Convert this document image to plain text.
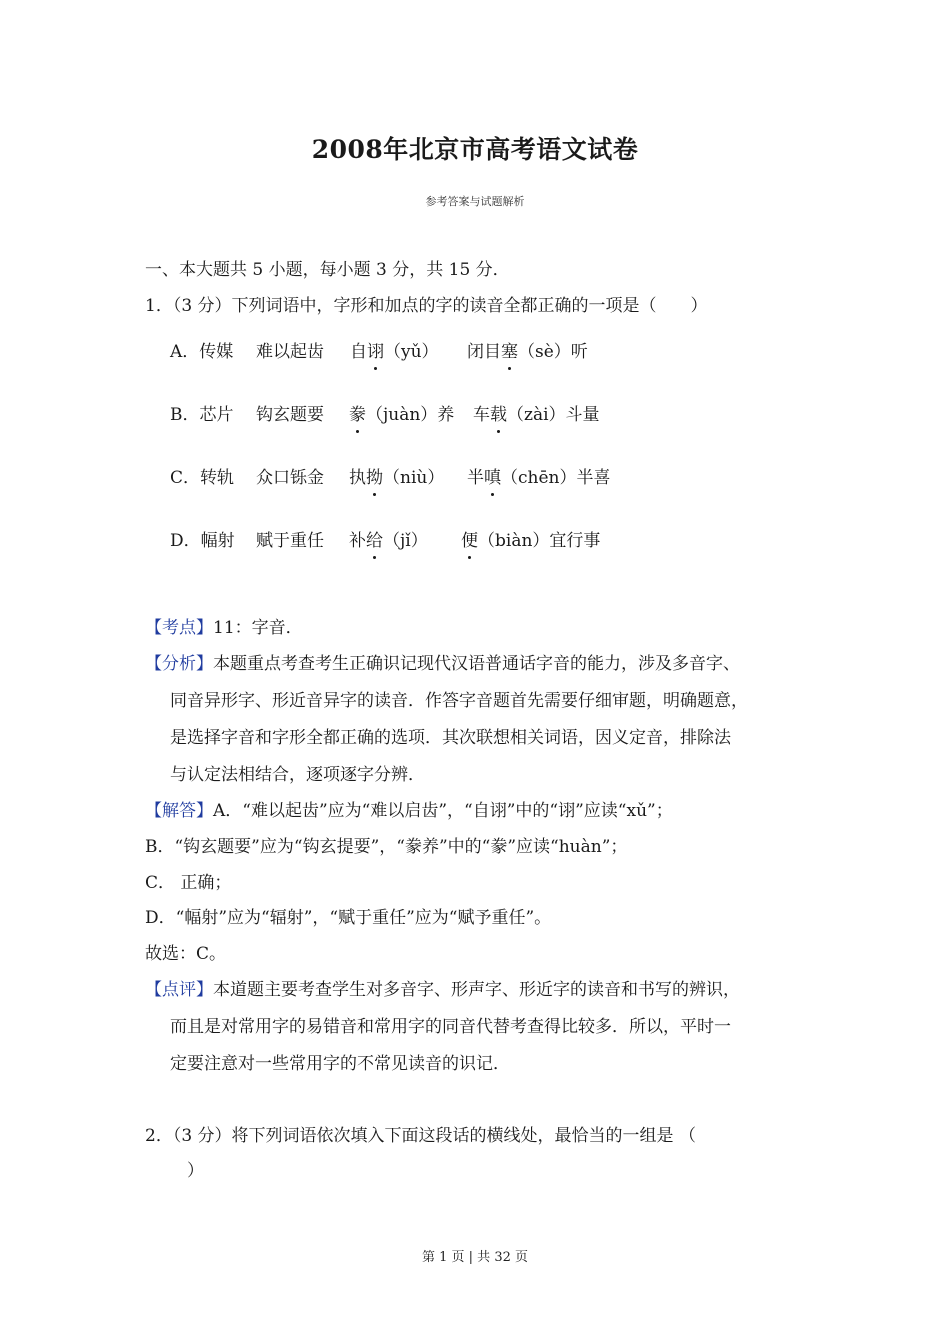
2008年北京市高考语文试卷
参考答案与试题解析
一、本大题共 5 小题，每小题 3 分，共 15 分．
1．（3 分）下列词语中，字形和加点的字的读音全都正确的一项是（　　）
A．传媒 难以起齿 自诩（yǔ） 闭目塞（sè）听
B．芯片 钩玄题要 豢（juàn）养 车载（zài）斗量
C．转轨 众口铄金 执拗（niù） 半嗔（chēn）半喜
D．幅射 赋于重任 补给（jǐ） 便（biàn）宜行事
【考点】11：字音．
【分析】本题重点考查考生正确识记现代汉语普通话字音的能力，涉及多音字、
同音异形字、形近音异字的读音．作答字音题首先需要仔细审题，明确题意，
是选择字音和字形全都正确的选项．其次联想相关词语，因义定音，排除法
与认定法相结合，逐项逐字分辨．
【解答】A．“难以起齿”应为“难以启齿”，“自诩”中的“诩”应读“xǔ”；
B．“钩玄题要”应为“钩玄提要”，“豢养”中的“豢”应读“huàn”；
C． 正确；
D．“幅射”应为“辐射”，“赋于重任”应为“赋予重任”。
故选：C。
【点评】本道题主要考查学生对多音字、形声字、形近字的读音和书写的辨识，
而且是对常用字的易错音和常用字的同音代替考查得比较多．所以，平时一
定要注意对一些常用字的不常见读音的识记．
2．（3 分）将下列词语依次填入下面这段话的横线处，最恰当的一组是 （
）
第 1 页 | 共 32 页
